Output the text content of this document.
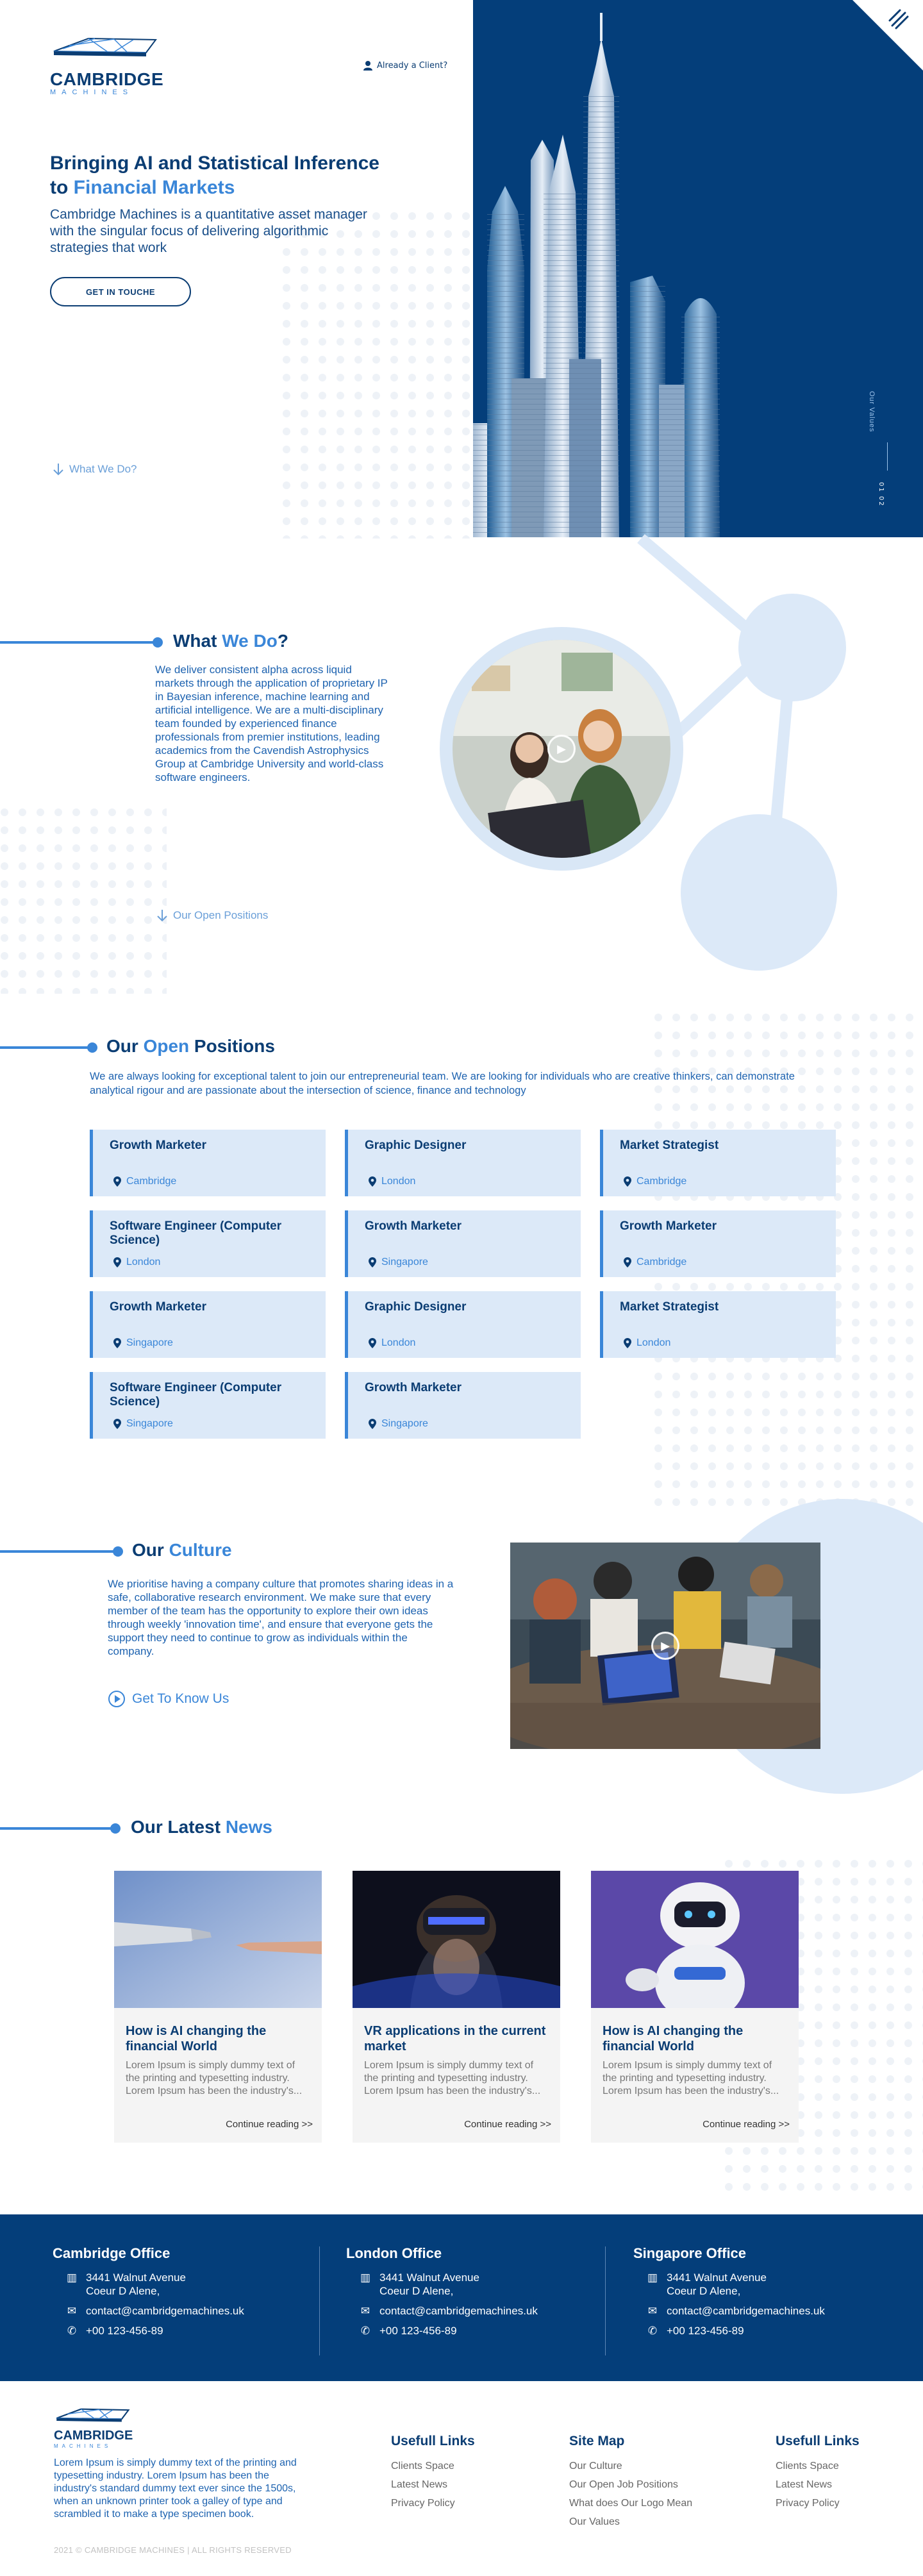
CAMBRIDGE
MACHINES
Already a Client?
Bringing AI and Statistical Inference
to Financial Markets

Cambridge Machines is a quantitative asset manager with the singular focus of delivering algorithmic strategies that work

GET IN TOUCHE
What We Do?
Our Values
01 02
What We Do?

We deliver consistent alpha across liquid markets through the application of proprietary IP in Bayesian inference, machine learning and artificial intelligence. We are a multi-disciplinary team founded by experienced finance professionals from premier institutions, leading academics from the Cavendish Astrophysics Group at Cambridge University and world-class software engineers.

▶
Our Open Positions
Our Open Positions

We are always looking for exceptional talent to join our entrepreneurial team. We are looking for individuals who are creative thinkers, can demonstrate analytical rigour and are passionate about the intersection of science, finance and technology

Growth Marketer
Cambridge
Graphic Designer
London
Market Strategist
Cambridge
Software Engineer (Computer Science)
London
Growth Marketer
Singapore
Growth Marketer
Cambridge
Growth Marketer
Singapore
Graphic Designer
London
Market Strategist
London
Software Engineer (Computer Science)
Singapore
Growth Marketer
Singapore
Our Culture

We prioritise having a company culture that promotes sharing ideas in a safe, collaborative research environment. We make sure that every member of the team has the opportunity to explore their own ideas through weekly 'innovation time', and ensure that everyone gets the support they need to continue to grow as individuals within the company.

Get To Know Us
▶
Our Latest News
How is AI changing the financial World
Lorem Ipsum is simply dummy text of the printing and typesetting industry. Lorem Ipsum has been the industry's...
Continue reading >>
VR applications in the current market
Lorem Ipsum is simply dummy text of the printing and typesetting industry. Lorem Ipsum has been the industry's...
Continue reading >>
How is AI changing the financial World
Lorem Ipsum is simply dummy text of the printing and typesetting industry. Lorem Ipsum has been the industry's...
Continue reading >>
Cambridge Office
▥ 3441 Walnut Avenue
Coeur D Alene,
✉ contact@cambridgemachines.uk
✆ +00 123-456-89
London Office
▥ 3441 Walnut Avenue
Coeur D Alene,
✉ contact@cambridgemachines.uk
✆ +00 123-456-89
Singapore Office
▥ 3441 Walnut Avenue
Coeur D Alene,
✉ contact@cambridgemachines.uk
✆ +00 123-456-89
CAMBRIDGE
MACHINES

Lorem Ipsum is simply dummy text of the printing and typesetting industry. Lorem Ipsum has been the industry's standard dummy text ever since the 1500s, when an unknown printer took a galley of type and scrambled it to make a type specimen book.

Usefull Links
Clients Space
Latest News
Privacy Policy
Site Map
Our Culture
Our Open Job Positions
What does Our Logo Mean
Our Values
Usefull Links
Clients Space
Latest News
Privacy Policy
2021 © CAMBRIDGE MACHINES | ALL RIGHTS RESERVED
